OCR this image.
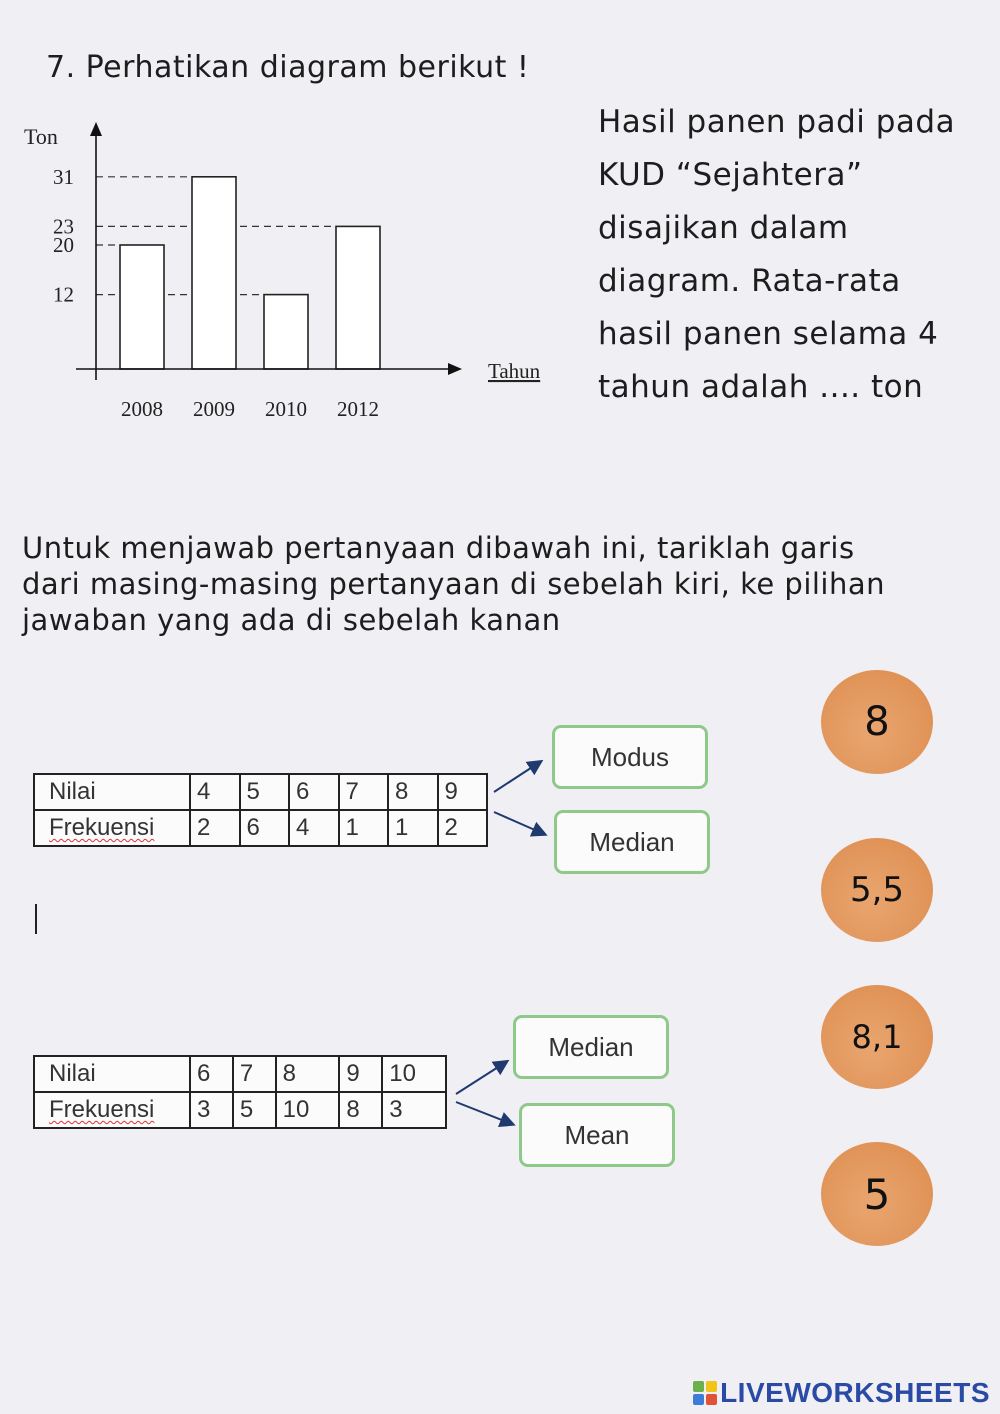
7. Perhatikan diagram berikut !
31
23
20
12
2008 2009 2010 2012
Ton
Tahun
Hasil panen padi pada
KUD “Sejahtera”
disajikan dalam
diagram. Rata-rata
hasil panen selama 4
tahun adalah .... ton
Untuk menjawab pertanyaan dibawah ini, tariklah garis
dari masing-masing pertanyaan di sebelah kiri, ke pilihan
jawaban yang ada di sebelah kanan
Nilai	4	5	6	7	8	9
Frekuensi	2	6	4	1	1	2
Modus
Median
Nilai	6	7	8	9	10
Frekuensi	3	5	10	8	3
Median
Mean
8
5,5
8,1
5
LIVEWORKSHEETS
